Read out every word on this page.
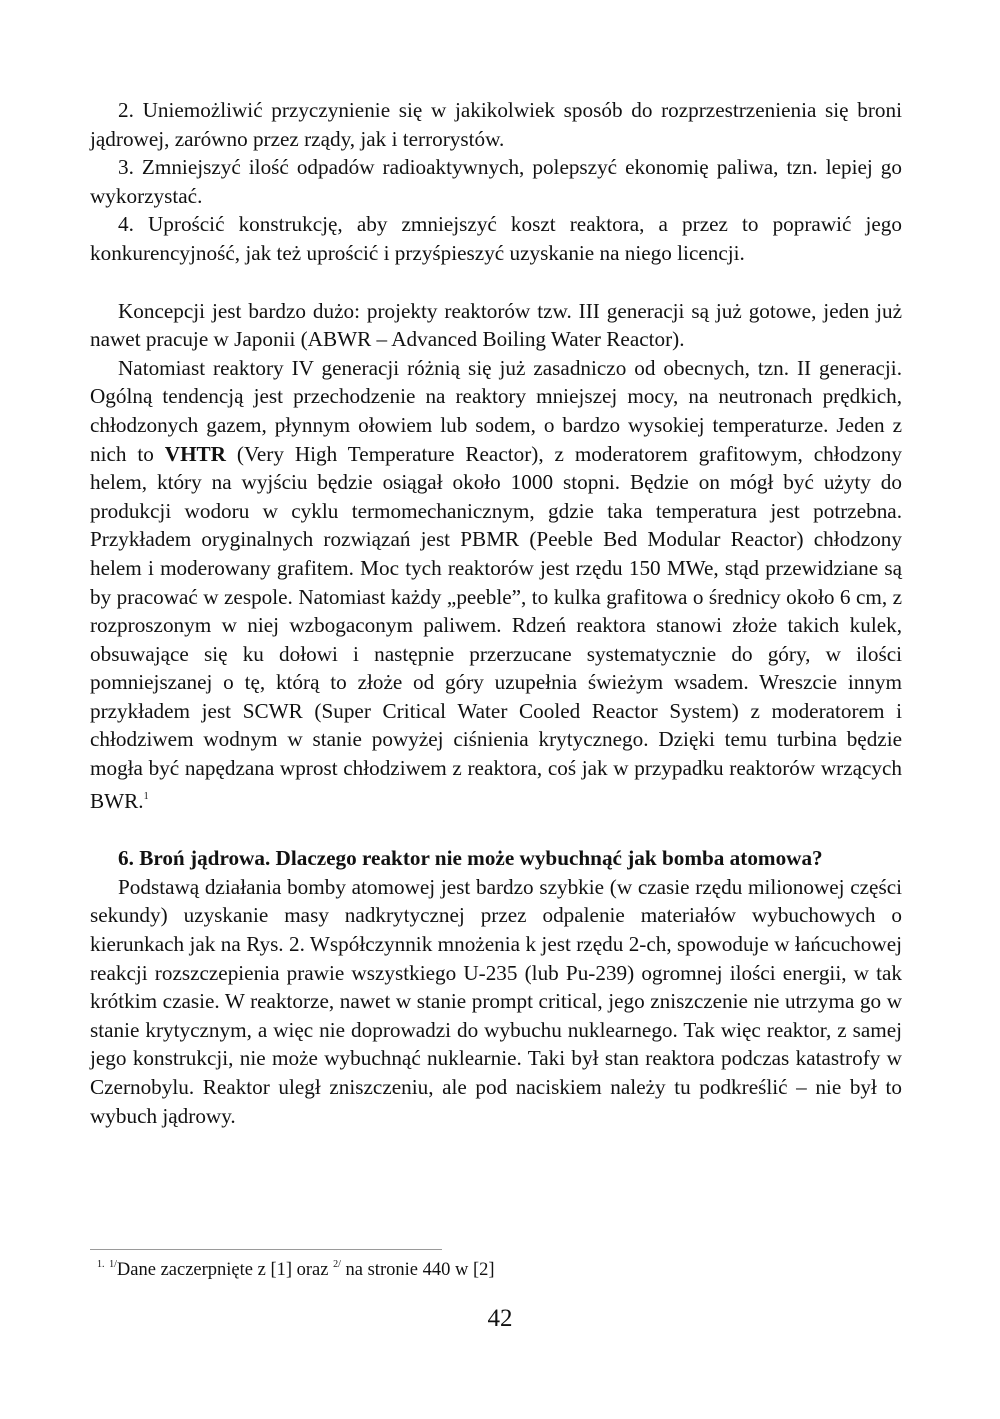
2. Uniemożliwić przyczynienie się w jakikolwiek sposób do rozprzestrzenienia się broni jądrowej, zarówno przez rządy, jak i terrorystów.

3. Zmniejszyć ilość odpadów radioaktywnych, polepszyć ekonomię paliwa, tzn. lepiej go wykorzystać.

4. Uprościć konstrukcję, aby zmniejszyć koszt reaktora, a przez to poprawić jego konkurencyjność, jak też uprościć i przyśpieszyć uzyskanie na niego licencji.

Koncepcji jest bardzo dużo: projekty reaktorów tzw. III generacji są już gotowe, jeden już nawet pracuje w Japonii (ABWR – Advanced Boiling Water Reactor).

Natomiast reaktory IV generacji różnią się już zasadniczo od obecnych, tzn. II generacji. Ogólną tendencją jest przechodzenie na reaktory mniejszej mocy, na neutronach prędkich, chłodzonych gazem, płynnym ołowiem lub sodem, o bardzo wysokiej temperaturze. Jeden z nich to VHTR (Very High Temperature Reactor), z moderatorem grafitowym, chłodzony helem, który na wyjściu będzie osiągał około 1000 stopni. Będzie on mógł być użyty do produkcji wodoru w cyklu termomechanicznym, gdzie taka temperatura jest potrzebna. Przykładem oryginalnych rozwiązań jest PBMR (Peeble Bed Modular Reactor) chłodzony helem i moderowany grafitem. Moc tych reaktorów jest rzędu 150 MWe, stąd przewidziane są by pracować w zespole. Natomiast każdy „peeble”, to kulka grafitowa o średnicy około 6 cm, z rozproszonym w niej wzbogaconym paliwem. Rdzeń reaktora stanowi złoże takich kulek, obsuwające się ku dołowi i następnie przerzucane systematycznie do góry, w ilości pomniejszanej o tę, którą to złoże od góry uzupełnia świeżym wsadem. Wreszcie innym przykładem jest SCWR (Super Critical Water Cooled Reactor System) z moderatorem i chłodziwem wodnym w stanie powyżej ciśnienia krytycznego. Dzięki temu turbina będzie mogła być napędzana wprost chłodziwem z reaktora, coś jak w przypadku reaktorów wrzących BWR.$^1$

6. Broń jądrowa. Dlaczego reaktor nie może wybuchnąć jak bomba atomowa?

Podstawą działania bomby atomowej jest bardzo szybkie (w czasie rzędu milionowej części sekundy) uzyskanie masy nadkrytycznej przez odpalenie materiałów wybuchowych o kierunkach jak na Rys. 2. Współczynnik mnożenia k jest rzędu 2-ch, spowoduje w łańcuchowej reakcji rozszczepienia prawie wszystkiego U-235 (lub Pu-239) ogromnej ilości energii, w tak krótkim czasie. W reaktorze, nawet w stanie prompt critical, jego zniszczenie nie utrzyma go w stanie krytycznym, a więc nie doprowadzi do wybuchu nuklearnego. Tak więc reaktor, z samej jego konstrukcji, nie może wybuchnąć nuklearnie. Taki był stan reaktora podczas katastrofy w Czernobylu. Reaktor uległ zniszczeniu, ale pod naciskiem należy tu podkreślić – nie był to wybuch jądrowy.

$^{1.}$ $^{1/}$Dane zaczerpnięte z [1] oraz $^{2/}$ na stronie 440 w [2]
42
